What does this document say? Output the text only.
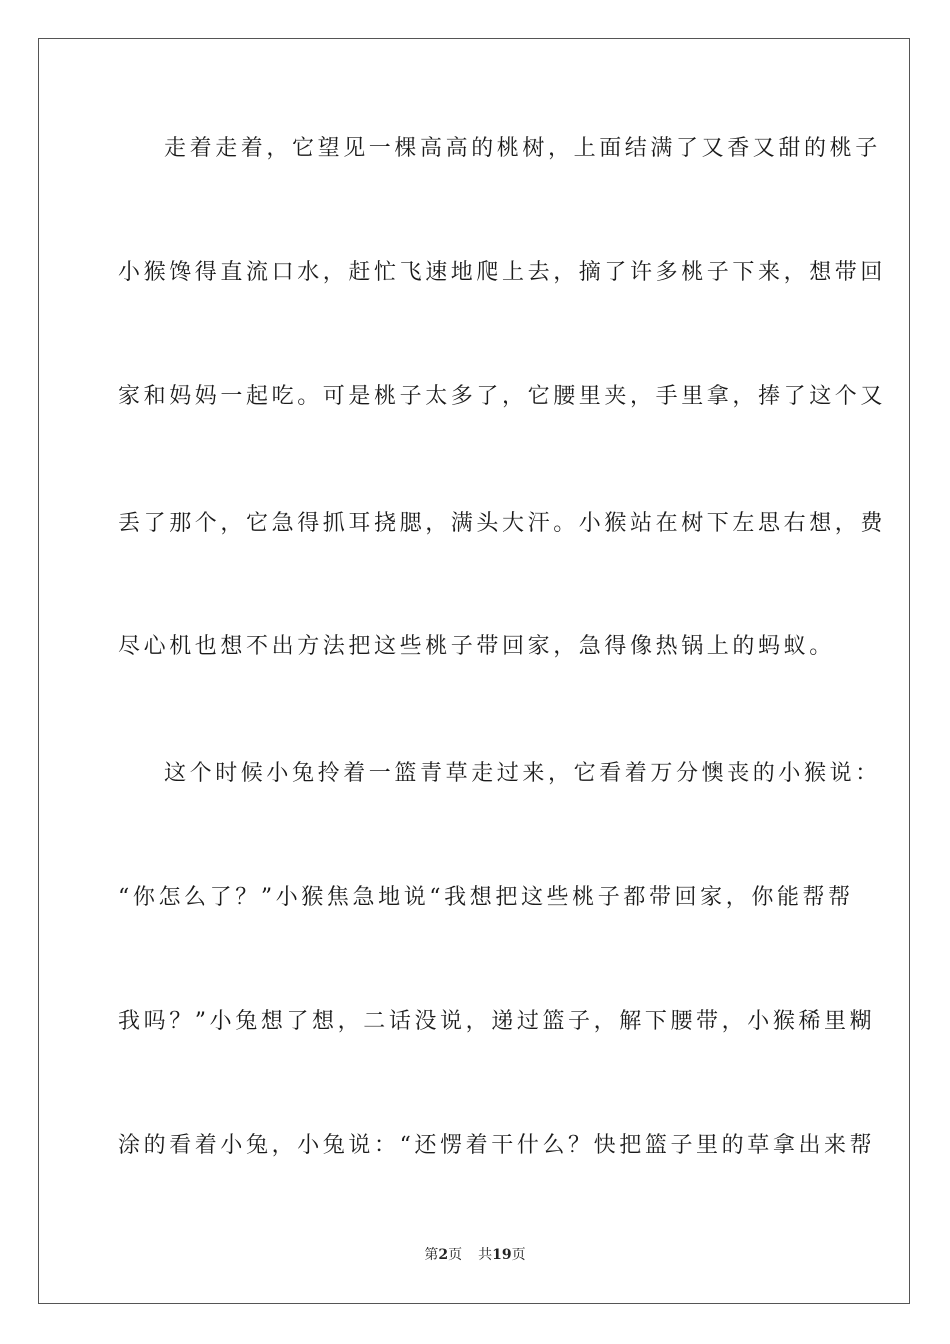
走着走着，它望见一棵高高的桃树，上面结满了又香又甜的桃子
小猴馋得直流口水，赶忙飞速地爬上去，摘了许多桃子下来，想带回
家和妈妈一起吃。可是桃子太多了，它腰里夹，手里拿，捧了这个又
丢了那个，它急得抓耳挠腮，满头大汗。小猴站在树下左思右想，费
尽心机也想不出方法把这些桃子带回家，急得像热锅上的蚂蚁。
这个时候小兔拎着一篮青草走过来，它看着万分懊丧的小猴说：
“你怎么了？”小猴焦急地说“我想把这些桃子都带回家，你能帮帮
我吗？”小兔想了想，二话没说，递过篮子，解下腰带，小猴稀里糊
涂的看着小兔，小兔说：“还愣着干什么？快把篮子里的草拿出来帮
第2页 共19页
